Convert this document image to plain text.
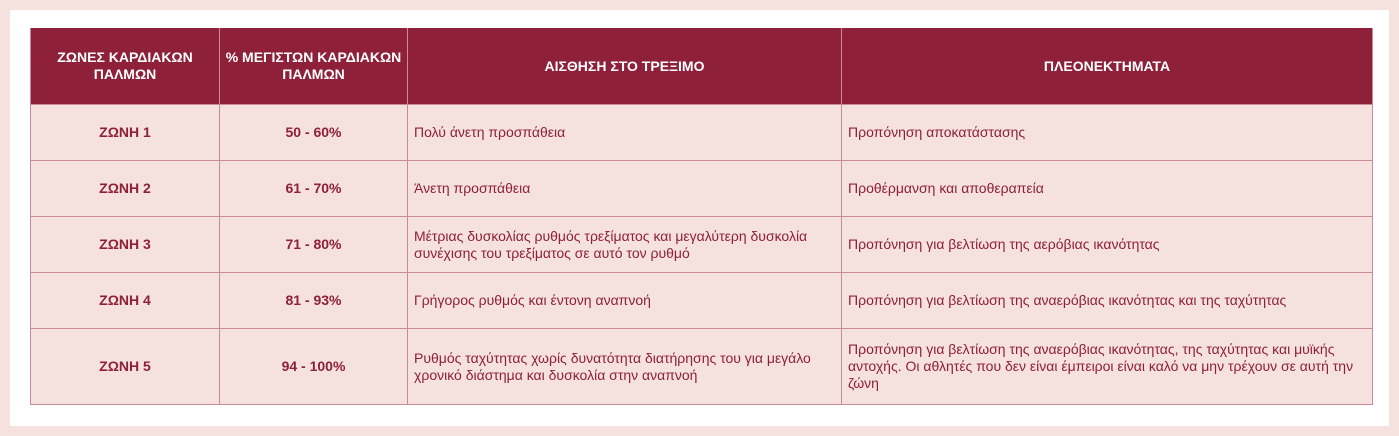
ΖΩΝΕΣ ΚΑΡΔΙΑΚΩΝ ΠΑΛΜΩΝ	% ΜΕΓΙΣΤΩΝ ΚΑΡΔΙΑΚΩΝ ΠΑΛΜΩΝ	ΑΙΣΘΗΣΗ ΣΤΟ ΤΡΕΞΙΜΟ	ΠΛΕΟΝΕΚΤΗΜΑΤΑ
ΖΩΝΗ 1	50 - 60%	Πολύ άνετη προσπάθεια	Προπόνηση αποκατάστασης
ΖΩΝΗ 2	61 - 70%	Άνετη προσπάθεια	Προθέρμανση και αποθεραπεία
ΖΩΝΗ 3	71 - 80%	Μέτριας δυσκολίας ρυθμός τρεξίματος και μεγαλύτερη δυσκολία συνέχισης του τρεξίματος σε αυτό τον ρυθμό	Προπόνηση για βελτίωση της αερόβιας ικανότητας
ΖΩΝΗ 4	81 - 93%	Γρήγορος ρυθμός και έντονη αναπνοή	Προπόνηση για βελτίωση της αναερόβιας ικανότητας και της ταχύτητας
ΖΩΝΗ 5	94 - 100%	Ρυθμός ταχύτητας χωρίς δυνατότητα διατήρησης του για μεγάλο χρονικό διάστημα και δυσκολία στην αναπνοή	Προπόνηση για βελτίωση της αναερόβιας ικανότητας, της ταχύτητας και μυϊκής αντοχής. Οι αθλητές που δεν είναι έμπειροι είναι καλό να μην τρέχουν σε αυτή την ζώνη
